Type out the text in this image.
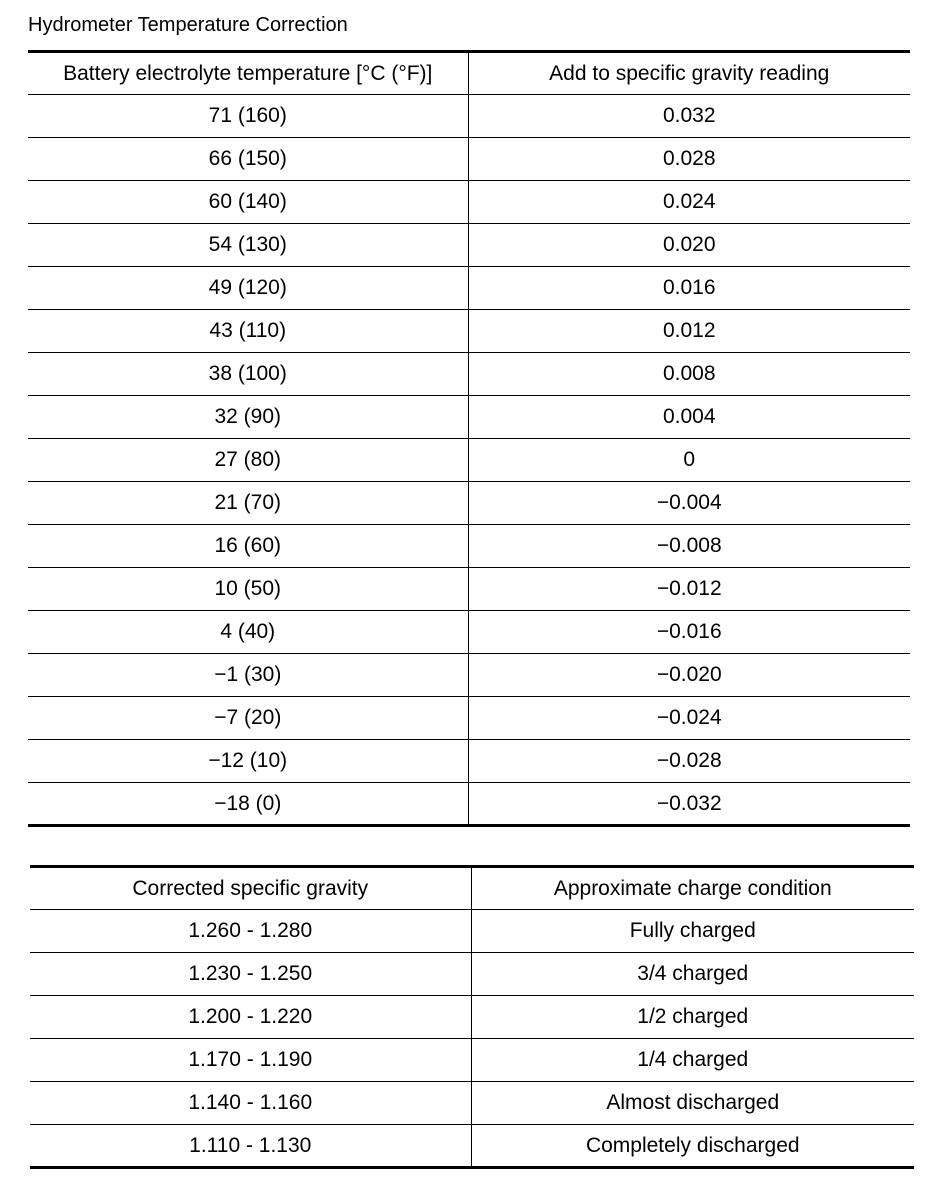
Hydrometer Temperature Correction
Battery electrolyte temperature [°C (°F)]	Add to specific gravity reading
71 (160)	0.032
66 (150)	0.028
60 (140)	0.024
54 (130)	0.020
49 (120)	0.016
43 (110)	0.012
38 (100)	0.008
32 (90)	0.004
27 (80)	0
21 (70)	−0.004
16 (60)	−0.008
10 (50)	−0.012
4 (40)	−0.016
−1 (30)	−0.020
−7 (20)	−0.024
−12 (10)	−0.028
−18 (0)	−0.032
Corrected specific gravity	Approximate charge condition
1.260 - 1.280	Fully charged
1.230 - 1.250	3/4 charged
1.200 - 1.220	1/2 charged
1.170 - 1.190	1/4 charged
1.140 - 1.160	Almost discharged
1.110 - 1.130	Completely discharged
